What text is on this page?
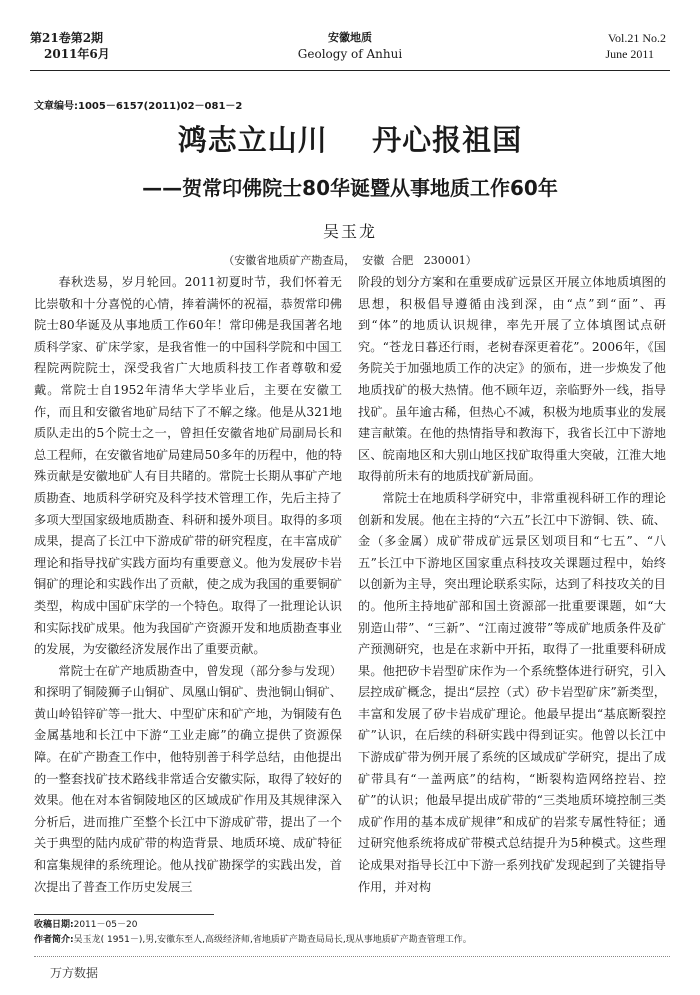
第21卷第2期
2011年6月
安徽地质
Geology of Anhui
Vol.21 No.2
June 2011
文章编号:1005－6157(2011)02－081－2
鸿志立山川    丹心报祖国
——贺常印佛院士80华诞暨从事地质工作60年
吴玉龙
（安徽省地质矿产勘查局，  安徽  合肥   230001）

春秋迭易，岁月轮回。2011初夏时节，我们怀着无比崇敬和十分喜悦的心情，捧着满怀的祝福，恭贺常印佛院士80华诞及从事地质工作60年！常印佛是我国著名地质科学家、矿床学家，是我省惟一的中国科学院和中国工程院两院院士，深受我省广大地质科技工作者尊敬和爱戴。常院士自1952年清华大学毕业后，主要在安徽工作，而且和安徽省地矿局结下了不解之缘。他是从321地质队走出的5个院士之一，曾担任安徽省地矿局副局长和总工程师，在安徽省地矿局建局50多年的历程中，他的特殊贡献是安徽地矿人有目共睹的。常院士长期从事矿产地质勘查、地质科学研究及科学技术管理工作，先后主持了多项大型国家级地质勘查、科研和援外项目。取得的多项成果，提高了长江中下游成矿带的研究程度，在丰富成矿理论和指导找矿实践方面均有重要意义。他为发展矽卡岩铜矿的理论和实践作出了贡献，使之成为我国的重要铜矿类型，构成中国矿床学的一个特色。取得了一批理论认识和实际找矿成果。他为我国矿产资源开发和地质勘查事业的发展，为安徽经济发展作出了重要贡献。

常院士在矿产地质勘查中，曾发现（部分参与发现）和探明了铜陵狮子山铜矿、凤凰山铜矿、贵池铜山铜矿、黄山岭铅锌矿等一批大、中型矿床和矿产地，为铜陵有色金属基地和长江中下游“工业走廊”的确立提供了资源保障。在矿产勘查工作中，他特别善于科学总结，由他提出的一整套找矿技术路线非常适合安徽实际，取得了较好的效果。他在对本省铜陵地区的区域成矿作用及其规律深入分析后，进而推广至整个长江中下游成矿带，提出了一个关于典型的陆内成矿带的构造背景、地质环境、成矿特征和富集规律的系统理论。他从找矿勘探学的实践出发，首次提出了普查工作历史发展三

阶段的划分方案和在重要成矿远景区开展立体地质填图的思想，积极倡导遵循由浅到深，由“点”到“面”、再到“体”的地质认识规律，率先开展了立体填图试点研究。“苍龙日暮还行雨，老树春深更着花”。2006年，《国务院关于加强地质工作的决定》的颁布，进一步焕发了他地质找矿的极大热情。他不顾年迈，亲临野外一线，指导找矿。虽年逾古稀，但热心不减，积极为地质事业的发展建言献策。在他的热情指导和教海下，我省长江中下游地区、皖南地区和大别山地区找矿取得重大突破，江淮大地取得前所未有的地质找矿新局面。

常院士在地质科学研究中，非常重视科研工作的理论创新和发展。他在主持的“六五”长江中下游铜、铁、硫、金（多金属）成矿带成矿远景区划项目和“七五”、“八五”长江中下游地区国家重点科技攻关课题过程中，始终以创新为主导，突出理论联系实际，达到了科技攻关的目的。他所主持地矿部和国土资源部一批重要课题，如“大别造山带”、“三新”、“江南过渡带”等成矿地质条件及矿产预测研究，也是在求新中开拓，取得了一批重要科研成果。他把矽卡岩型矿床作为一个系统整体进行研究，引入层控成矿概念，提出“层控（式）矽卡岩型矿床”新类型，丰富和发展了矽卡岩成矿理论。他最早提出“基底断裂控矿”认识，在后续的科研实践中得到证实。他曾以长江中下游成矿带为例开展了系统的区域成矿学研究，提出了成矿带具有“一盖两底”的结构，“断裂构造网络控岩、控矿”的认识；他最早提出成矿带的“三类地质环境控制三类成矿作用的基本成矿规律”和成矿的岩浆专属性特征；通过研究他系统将成矿带模式总结提升为5种模式。这些理论成果对指导长江中下游一系列找矿发现起到了关键指导作用，并对构

收稿日期:2011－05－20
作者简介:吴玉龙( 1951－),男,安徽东至人,高级经济师,省地质矿产勘查局局长,现从事地质矿产勘查管理工作。
万方数据
